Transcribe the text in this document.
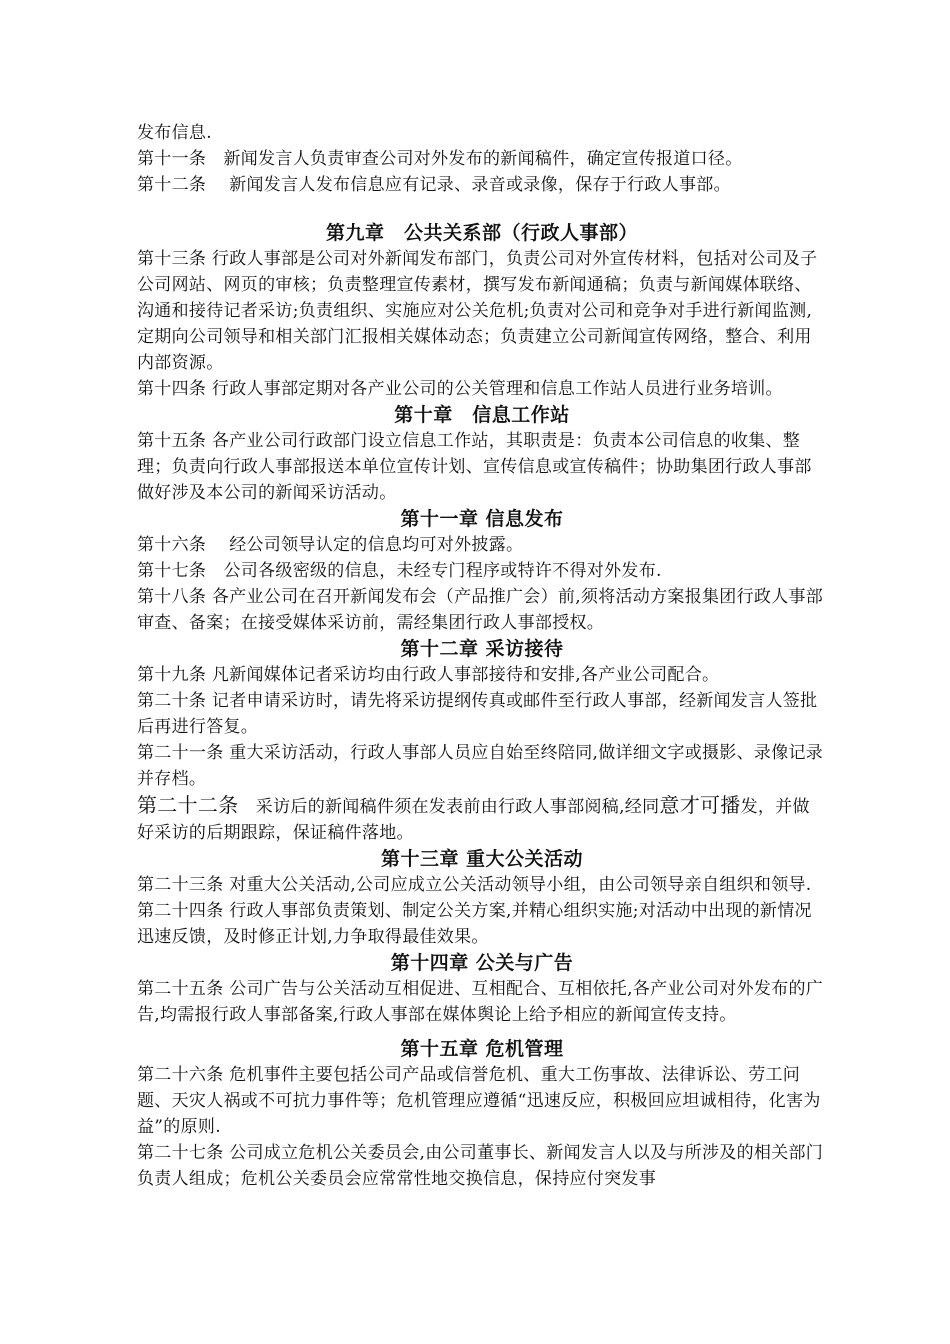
发布信息.

第十一条　新闻发言人负责审查公司对外发布的新闻稿件，确定宣传报道口径。

第十二条　 新闻发言人发布信息应有记录、录音或录像，保存于行政人事部。

第九章　公共关系部（行政人事部）

第十三条 行政人事部是公司对外新闻发布部门，负责公司对外宣传材料，包括对公司及子公司网站、网页的审核；负责整理宣传素材，撰写发布新闻通稿；负责与新闻媒体联络、沟通和接待记者采访;负责组织、实施应对公关危机;负责对公司和竞争对手进行新闻监测,定期向公司领导和相关部门汇报相关媒体动态；负责建立公司新闻宣传网络，整合、利用内部资源。

第十四条 行政人事部定期对各产业公司的公关管理和信息工作站人员进行业务培训。

第十章　信息工作站

第十五条 各产业公司行政部门设立信息工作站，其职责是：负责本公司信息的收集、整理；负责向行政人事部报送本单位宣传计划、宣传信息或宣传稿件；协助集团行政人事部做好涉及本公司的新闻采访活动。

第十一章 信息发布

第十六条　 经公司领导认定的信息均可对外披露。

第十七条　公司各级密级的信息，未经专门程序或特许不得对外发布.

第十八条 各产业公司在召开新闻发布会（产品推广会）前,须将活动方案报集团行政人事部审查、备案；在接受媒体采访前，需经集团行政人事部授权。

第十二章 采访接待

第十九条 凡新闻媒体记者采访均由行政人事部接待和安排,各产业公司配合。

第二十条 记者申请采访时，请先将采访提纲传真或邮件至行政人事部，经新闻发言人签批后再进行答复。

第二十一条 重大采访活动，行政人事部人员应自始至终陪同,做详细文字或摄影、录像记录并存档。

第二十二条　采访后的新闻稿件须在发表前由行政人事部阅稿,经同意才可播发，并做好采访的后期跟踪，保证稿件落地。

第十三章 重大公关活动

第二十三条 对重大公关活动,公司应成立公关活动领导小组，由公司领导亲自组织和领导.

第二十四条 行政人事部负责策划、制定公关方案,并精心组织实施;对活动中出现的新情况迅速反馈，及时修正计划,力争取得最佳效果。

第十四章 公关与广告

第二十五条 公司广告与公关活动互相促进、互相配合、互相依托,各产业公司对外发布的广告,均需报行政人事部备案,行政人事部在媒体舆论上给予相应的新闻宣传支持。

第十五章 危机管理

第二十六条 危机事件主要包括公司产品或信誉危机、重大工伤事故、法律诉讼、劳工问题、天灾人祸或不可抗力事件等；危机管理应遵循“迅速反应，积极回应坦诚相待，化害为益”的原则.

第二十七条 公司成立危机公关委员会,由公司董事长、新闻发言人以及与所涉及的相关部门负责人组成；危机公关委员会应常常性地交换信息，保持应付突发事
